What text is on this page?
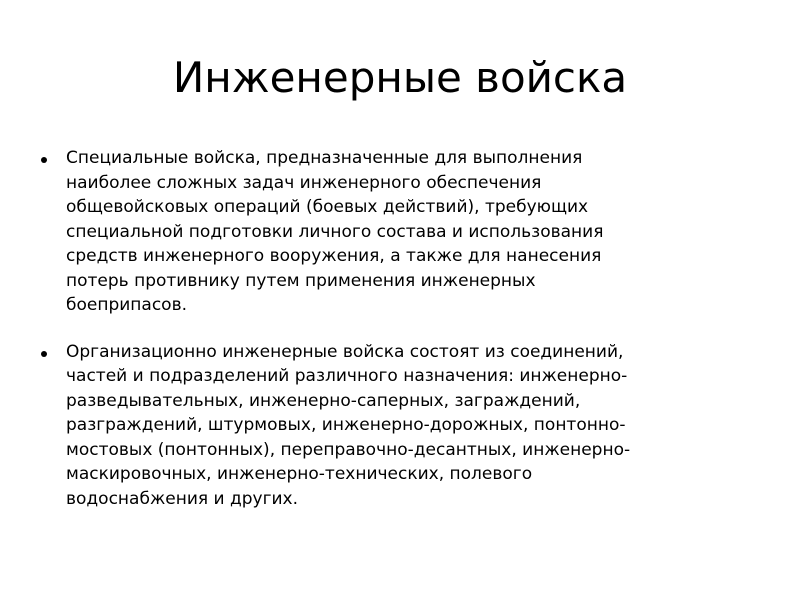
Инженерные войска
Специальные войска, предназначенные для выполнения
наиболее сложных задач инженерного обеспечения
общевойсковых операций (боевых действий), требующих
специальной подготовки личного состава и использования
средств инженерного вооружения, а также для нанесения
потерь противнику путем применения инженерных
боеприпасов.
Организационно инженерные войска состоят из соединений,
частей и подразделений различного назначения: инженерно-
разведывательных, инженерно-саперных, заграждений,
разграждений, штурмовых, инженерно-дорожных, понтонно-
мостовых (понтонных), переправочно-десантных, инженерно-
маскировочных, инженерно-технических, полевого
водоснабжения и других.
